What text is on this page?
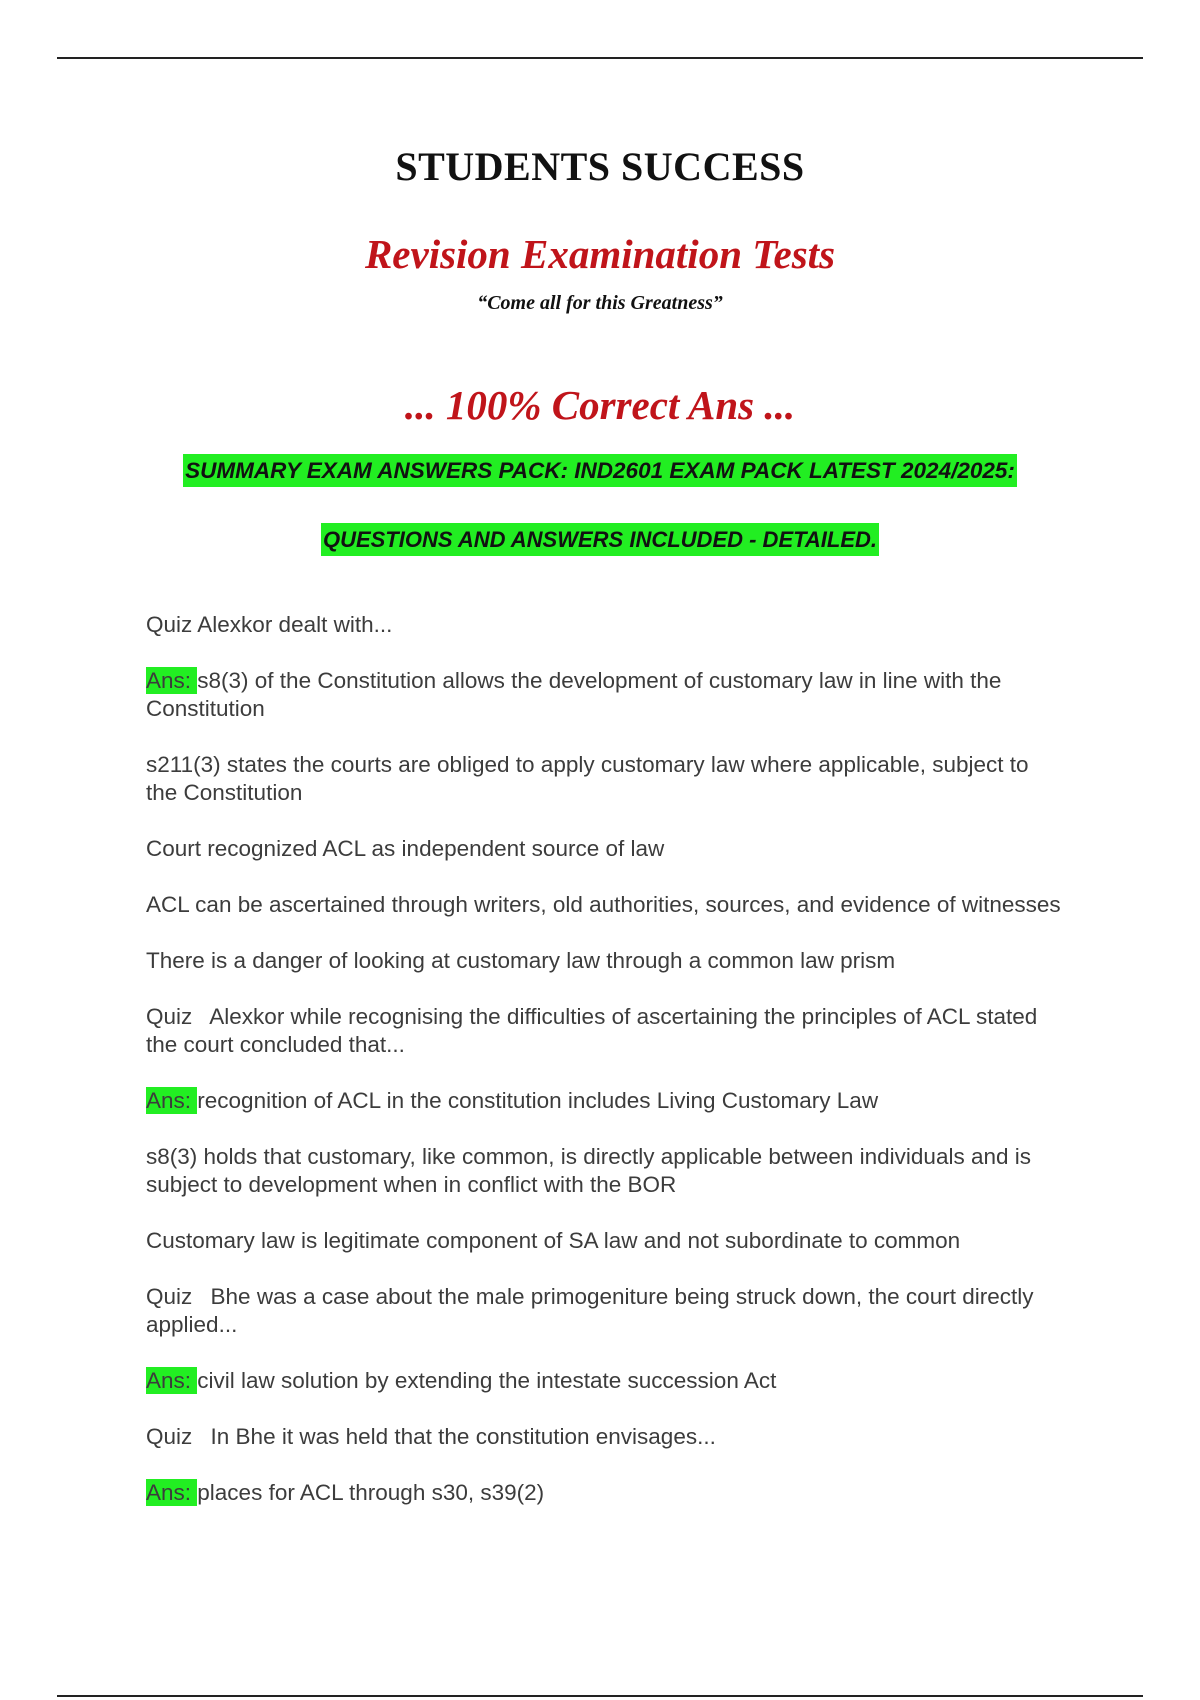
STUDENTS SUCCESS
Revision Examination Tests
“Come all for this Greatness”
... 100% Correct Ans ...
SUMMARY EXAM ANSWERS PACK: IND2601 EXAM PACK LATEST 2024/2025:
QUESTIONS AND ANSWERS INCLUDED - DETAILED.
Quiz Alexkor dealt with...
Ans: s8(3) of the Constitution allows the development of customary law in line with the Constitution
s211(3) states the courts are obliged to apply customary law where applicable, subject to the Constitution
Court recognized ACL as independent source of law
ACL can be ascertained through writers, old authorities, sources, and evidence of witnesses
There is a danger of looking at customary law through a common law prism
Quiz Alexkor while recognising the difficulties of ascertaining the principles of ACL stated the court concluded that...
Ans: recognition of ACL in the constitution includes Living Customary Law
s8(3) holds that customary, like common, is directly applicable between individuals and is subject to development when in conflict with the BOR
Customary law is legitimate component of SA law and not subordinate to common
Quiz Bhe was a case about the male primogeniture being struck down, the court directly applied...
Ans: civil law solution by extending the intestate succession Act
Quiz In Bhe it was held that the constitution envisages...
Ans: places for ACL through s30, s39(2)
